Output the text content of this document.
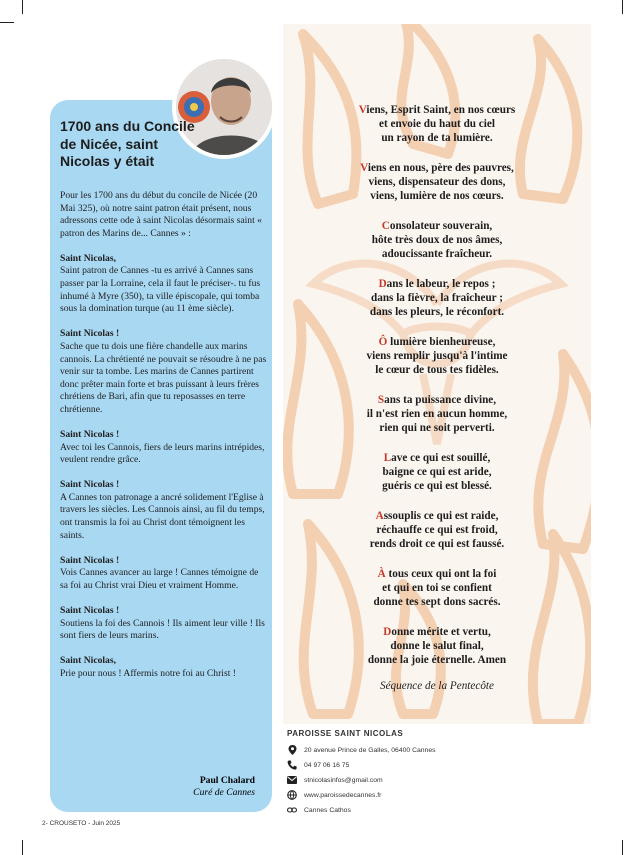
1700 ans du Concile de Nicée, saint Nicolas y était

Pour les 1700 ans du début du concile de Nicée (20 Mai 325), où notre saint patron était présent, nous adressons cette ode à saint Nicolas désormais saint « patron des Marins de... Cannes » :

Saint Nicolas,
Saint patron de Cannes -tu es arrivé à Cannes sans passer par la Lorraine, cela il faut le préciser-. tu fus inhumé à Myre (350), ta ville épiscopale, qui tomba sous la domination turque (au 11 ème siècle).

Saint Nicolas !
Sache que tu dois une fière chandelle aux marins cannois. La chrétienté ne pouvait se résoudre à ne pas venir sur ta tombe. Les marins de Cannes partirent donc prêter main forte et bras puissant à leurs frères chrétiens de Bari, afin que tu reposasses en terre chrétienne.

Saint Nicolas !
Avec toi les Cannois, fiers de leurs marins intrépides, veulent rendre grâce.

Saint Nicolas !
A Cannes ton patronage a ancré solidement l'Eglise à travers les siècles. Les Cannois ainsi, au fil du temps, ont transmis la foi au Christ dont témoignent les saints.

Saint Nicolas !
Vois Cannes avancer au large ! Cannes témoigne de sa foi au Christ vrai Dieu et vraiment Homme.

Saint Nicolas !
Soutiens la foi des Cannois ! Ils aiment leur ville ! Ils sont fiers de leurs marins.

Saint Nicolas,
Prie pour nous ! Affermis notre foi au Christ !

Paul Chalard
Curé de Cannes
2- CROUSETO - Juin 2025
Viens, Esprit Saint, en nos cœurs
et envoie du haut du ciel
un rayon de ta lumière.
Viens en nous, père des pauvres,
viens, dispensateur des dons,
viens, lumière de nos cœurs.
Consolateur souverain,
hôte très doux de nos âmes,
adoucissante fraîcheur.
Dans le labeur, le repos ;
dans la fièvre, la fraîcheur ;
dans les pleurs, le réconfort.
Ô lumière bienheureuse,
viens remplir jusqu'à l'intime
le cœur de tous tes fidèles.
Sans ta puissance divine,
il n'est rien en aucun homme,
rien qui ne soit perverti.
Lave ce qui est souillé,
baigne ce qui est aride,
guéris ce qui est blessé.
Assouplis ce qui est raide,
réchauffe ce qui est froid,
rends droit ce qui est faussé.
À tous ceux qui ont la foi
et qui en toi se confient
donne tes sept dons sacrés.
Donne mérite et vertu,
donne le salut final,
donne la joie éternelle. Amen
Séquence de la Pentecôte
PAROISSE SAINT NICOLAS
20 avenue Prince de Galles, 06400 Cannes
04 97 06 16 75
stnicolasinfos@gmail.com
www.paroissedecannes.fr
Cannes Cathos
